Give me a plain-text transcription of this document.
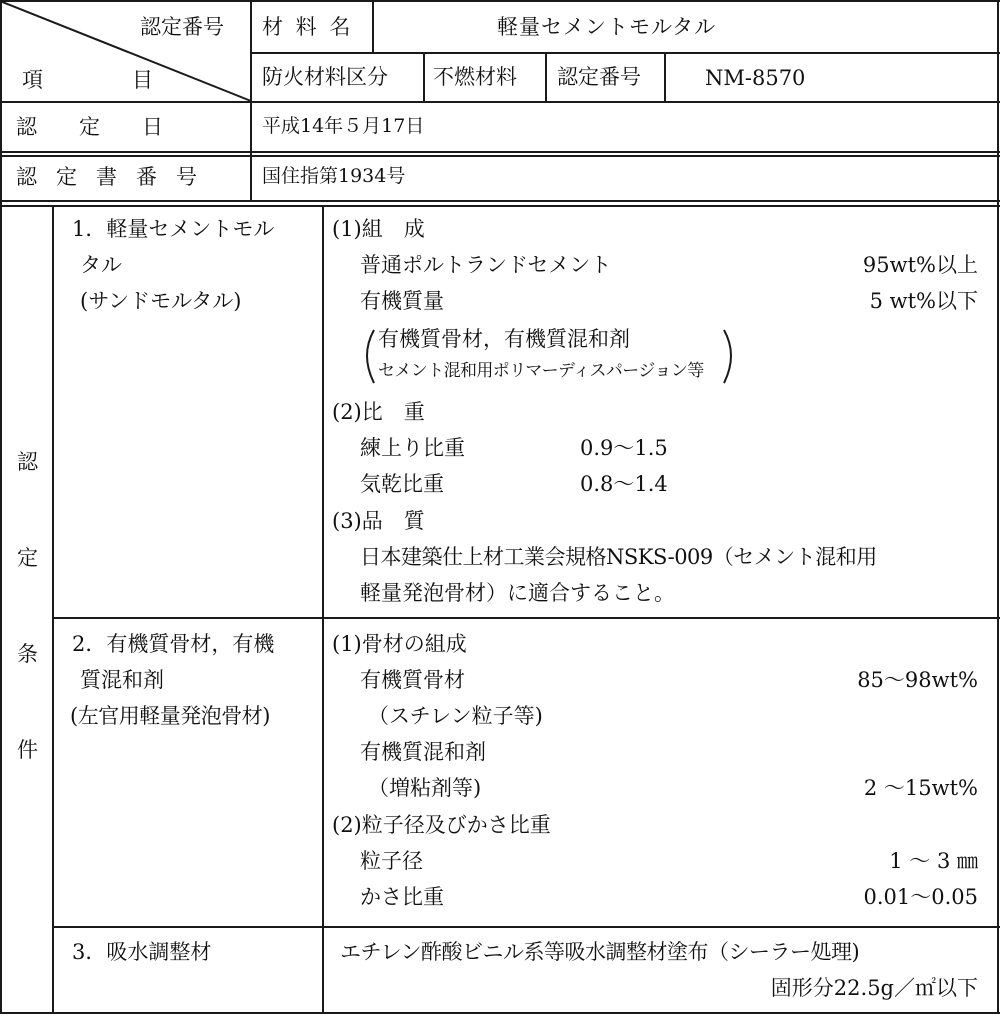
認定番号
項　目
材 料 名	軽量セメントモルタル
防火材料区分 不燃材料 認定番号	NM-8570
認　　定　　日	平成14年５月17日
認　定　書　番　号	国住指第1934号
認
定
条
件
1．軽量セメントモル
タル
(サンドモルタル)
(1)組　成
普通ポルトランドセメント	95wt%以上
有機質量	5 wt%以下
有機質骨材，有機質混和剤
セメント混和用ポリマーディスパージョン等
(2)比　重
練上り比重	0.9～1.5
気乾比重	0.8～1.4
(3)品　質
日本建築仕上材工業会規格NSKS-009（セメント混和用
軽量発泡骨材）に適合すること。
2．有機質骨材，有機
質混和剤
(左官用軽量発泡骨材)
(1)骨材の組成
有機質骨材	85～98wt%
（スチレン粒子等)
有機質混和剤
（増粘剤等)	2 ～15wt%
(2)粒子径及びかさ比重
粒子径	1 ～ 3 ㎜
かさ比重	0.01～0.05
3．吸水調整材	エチレン酢酸ビニル系等吸水調整材塗布（シーラー処理)
固形分22.5g／㎡以下
